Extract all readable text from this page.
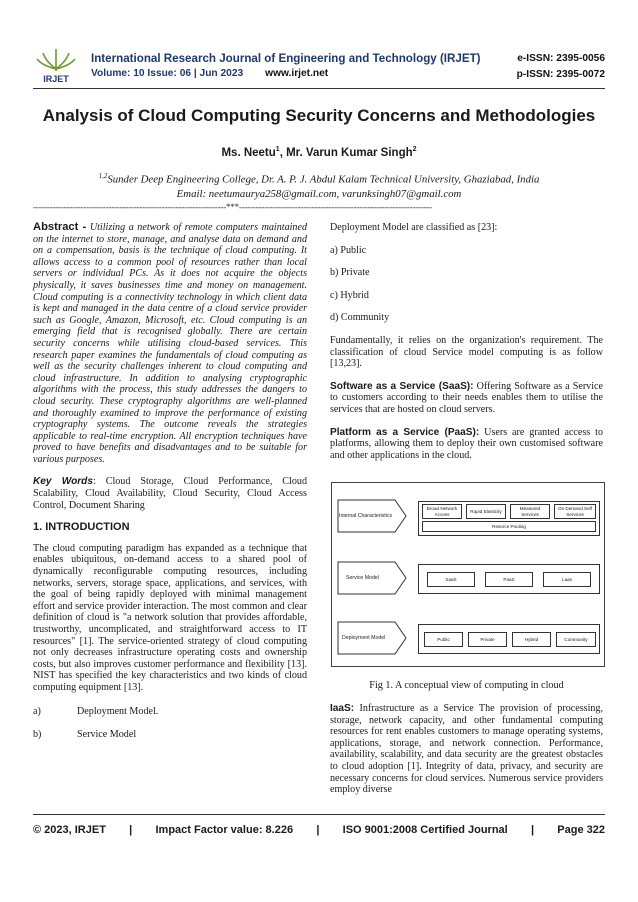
IRJET
International Research Journal of Engineering and Technology (IRJET)
Volume: 10 Issue: 06 | Jun 2023 www.irjet.net
e-ISSN: 2395-0056
p-ISSN: 2395-0072
Analysis of Cloud Computing Security Concerns and Methodologies
Ms. Neetu$^1$, Mr. Varun Kumar Singh$^2$
$^{1,2}$Sunder Deep Engineering College, Dr. A. P. J. Abdul Kalam Technical University, Ghaziabad, India
Email: neetumaurya258@gmail.com, varunksingh07@gmail.com
---------------------------------------------------------------------***---------------------------------------------------------------------

Abstract - Utilizing a network of remote computers maintained on the internet to store, manage, and analyse data on demand and on a compensation, basis is the technique of cloud computing. It allows access to a common pool of resources rather than local servers or individual PCs. As it does not acquire the objects physically, it saves businesses time and money on management. Cloud computing is a connectivity technology in which client data is kept and managed in the data centre of a cloud service provider such as Google, Amazon, Microsoft, etc. Cloud computing is an emerging field that is recognised globally. There are certain security concerns while utilising cloud-based services. This research paper examines the fundamentals of cloud computing as well as the security challenges inherent to cloud computing and cloud infrastructure. In addition to analysing cryptographic algorithms with the process, this study addresses the dangers to cloud security. These cryptography algorithms are well-planned and thoroughly examined to improve the performance of existing cryptography systems. The outcome reveals the strategies applicable to real-time encryption. All encryption techniques have proved to have benefits and disadvantages and to be suitable for various purposes.

Key Words: Cloud Storage, Cloud Performance, Cloud Scalability, Cloud Availability, Cloud Security, Cloud Access Control, Document Sharing

1. INTRODUCTION

The cloud computing paradigm has expanded as a technique that enables ubiquitous, on-demand access to a shared pool of dynamically reconfigurable computing resources, including networks, servers, storage space, applications, and services, with the goal of being rapidly deployed with minimal management effort and service provider interaction. The most common and clear definition of cloud is "a network solution that provides affordable, trustworthy, uncomplicated, and straightforward access to IT resources" [1]. The service-oriented strategy of cloud computing not only decreases infrastructure operating costs and ownership costs, but also improves customer performance and flexibility [13]. NIST has specified the key characteristics and two kinds of cloud computing equipment [13].

a)	Deployment Model.
b)	Service Model

Deployment Model are classified as [23]:

a) Public

b) Private

c) Hybrid

d) Community

Fundamentally, it relies on the organization's requirement. The classification of cloud Service model computing is as follow [13,23].

Software as a Service (SaaS): Offering Software as a Service to customers according to their needs enables them to utilise the services that are hosted on cloud servers.

Platform as a Service (PaaS): Users are granted access to platforms, allowing them to deploy their own customised software and other applications in the cloud.

Internal Characteristics
Broad Network Access
Rapid Elasticity
Measured Services
On Demand Self Services
Resorce Pooling
Service Model	SaaS	PaaS	Laas
Deployment Model	Public	Private	Hybrid	Community
Fig 1. A conceptual view of computing in cloud
IaaS: Infrastructure as a Service The provision of processing, storage, network capacity, and other fundamental computing resources for rent enables customers to manage operating systems, applications, storage, and network connection. Performance, availability, scalability, and data security are the greatest obstacles to cloud adoption [1]. Integrity of data, privacy, and security are necessary concerns for cloud services. Numerous service providers employ diverse
© 2023, IRJET | Impact Factor value: 8.226 | ISO 9001:2008 Certified Journal | Page 322
